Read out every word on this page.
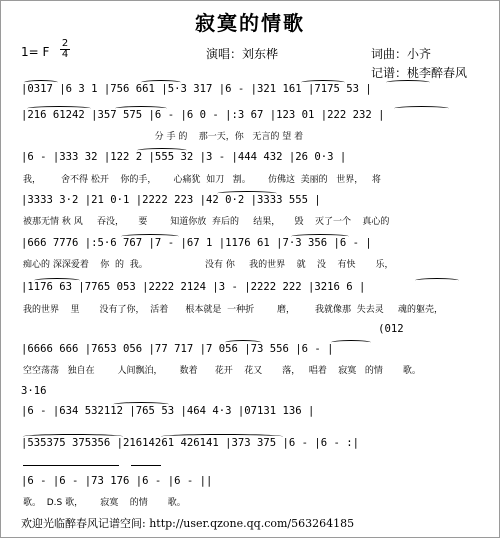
寂寞的情歌
1= F
2
4	演唱：刘东桦	词曲：小齐
记谱：桃李醉春风
|0317 |6 3 1 |756 661 |5·3 317 |6 - |321 161 |7175 53 |
|216 61242 |357 575 |6 - |6 0 - |:3 67 |123 01 |222 232 |
分 手 的    那一天，你   无言的 望 着
|6 - |333 32 |122 2 |555 32 |3 - |444 432 |26 0·3 |
我，       舍不得 松开    你的手，      心痛犹  如刀   割。      仿佛这  美丽的   世界，   将
|3333 3·2 |21 0·1 |2222 223 |42 0·2 |3333 555 |
被那无情 秋 风     吞没，     要        知道你放  弃后的     结果，     毁    灭了一个    真心的
|666 7776 |:5·6 767 |7 - |67 1 |1176 61 |7·3 356 |6 - |
痴心的 深深爱着    你  的  我。                    没有 你     我的世界    就    没    有快       乐，
|1176 63 |7765 053 |2222 2124 |3 - |2222 222 |3216 6 |
我的世界    里       没有了你，  活着      根本就是  一种折        磨，       我就像那  失去灵     魂的躯壳，
(012
|6666 666 |7653 056 |77 717 |7 056 |73 556 |6 - |
空空荡荡   独自在        人间飘泊，      数着      花开    花又       落，   唱着    寂寞   的情       歌。
3·16
|6 - |634 532112 |765 53 |464 4·3 |07131 136 |
|535375 375356 |21614261 426141 |373 375 |6 - |6 - :|
|6 - |6 - |73 176 |6 - |6 - ||
歌。  D.S 歌，      寂寞    的情       歌。
欢迎光临醉春风记谱空间: http://user.qzone.qq.com/563264185
